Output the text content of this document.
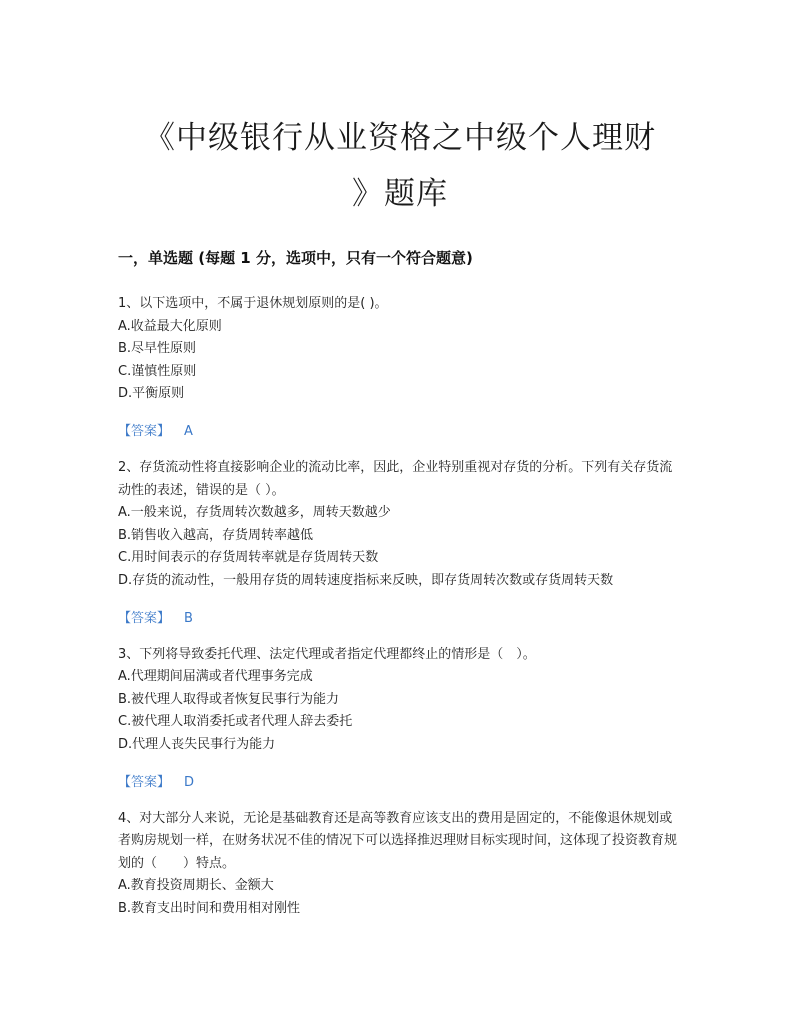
《中级银行从业资格之中级个人理财
》题库
一，单选题 (每题 1 分，选项中，只有一个符合题意)

1、以下选项中，不属于退休规划原则的是( )。

A.收益最大化原则

B.尽早性原则

C.谨慎性原则

D.平衡原则

【答案】 A

2、存货流动性将直接影响企业的流动比率，因此，企业特别重视对存货的分析。下列有关存货流动性的表述，错误的是（ ）。

A.一般来说，存货周转次数越多，周转天数越少

B.销售收入越高，存货周转率越低

C.用时间表示的存货周转率就是存货周转天数

D.存货的流动性，一般用存货的周转速度指标来反映，即存货周转次数或存货周转天数

【答案】 B

3、下列将导致委托代理、法定代理或者指定代理都终止的情形是（　）。

A.代理期间届满或者代理事务完成

B.被代理人取得或者恢复民事行为能力

C.被代理人取消委托或者代理人辞去委托

D.代理人丧失民事行为能力

【答案】 D

4、对大部分人来说，无论是基础教育还是高等教育应该支出的费用是固定的，不能像退休规划或者购房规划一样，在财务状况不佳的情况下可以选择推迟理财目标实现时间，这体现了投资教育规划的（　　）特点。

A.教育投资周期长、金额大

B.教育支出时间和费用相对刚性
